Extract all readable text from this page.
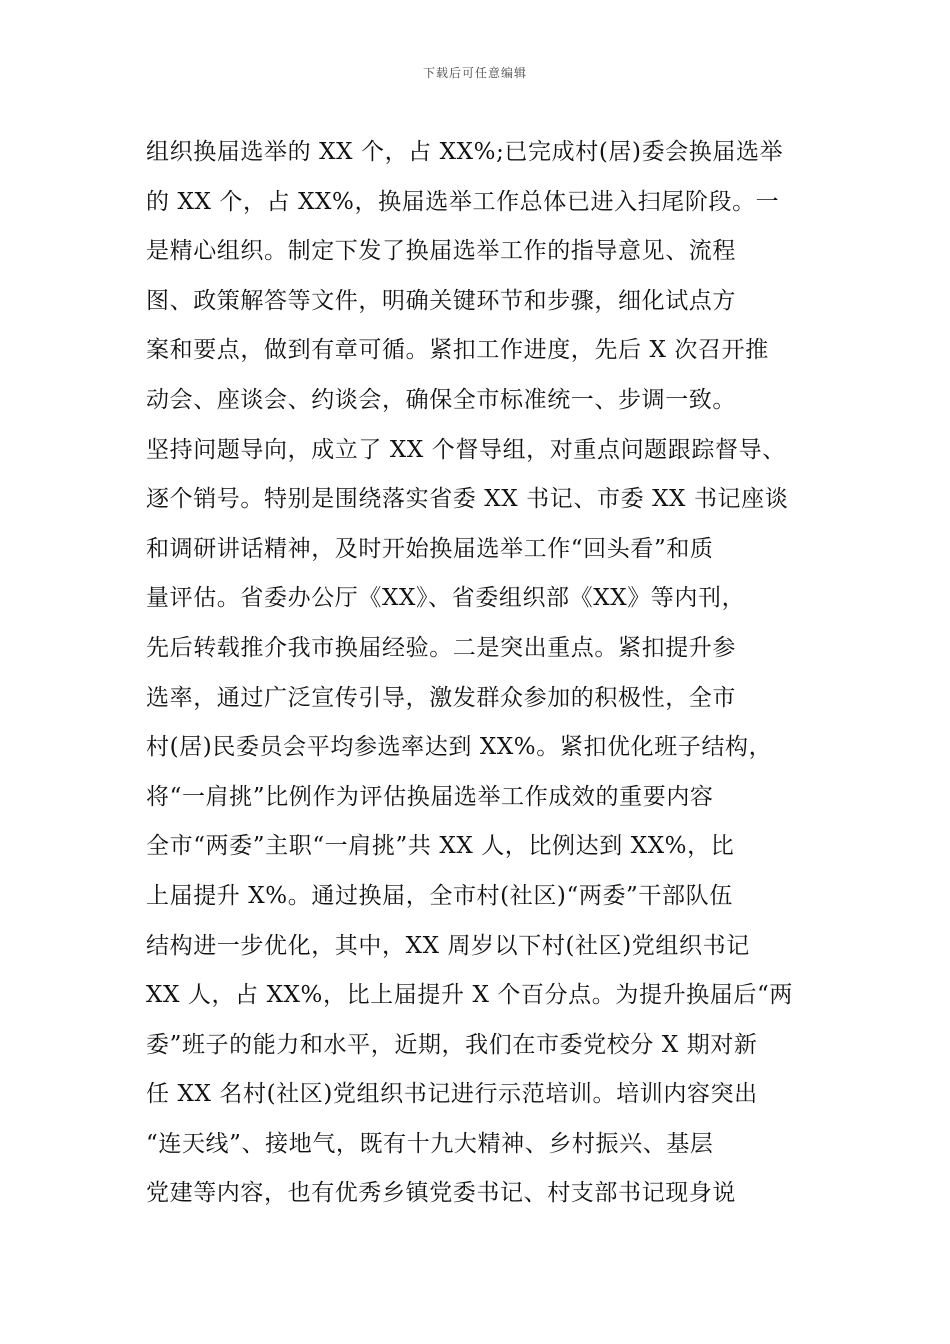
下载后可任意编辑
组织换届选举的 XX 个，占 XX%;已完成村(居)委会换届选举
的 XX 个，占 XX%，换届选举工作总体已进入扫尾阶段。一
是精心组织。制定下发了换届选举工作的指导意见、流程
图、政策解答等文件，明确关键环节和步骤，细化试点方
案和要点，做到有章可循。紧扣工作进度，先后 X 次召开推
动会、座谈会、约谈会，确保全市标准统一、步调一致。
坚持问题导向，成立了 XX 个督导组，对重点问题跟踪督导、
逐个销号。特别是围绕落实省委 XX 书记、市委 XX 书记座谈
和调研讲话精神，及时开始换届选举工作“回头看”和质
量评估。省委办公厅《XX》、省委组织部《XX》等内刊，
先后转载推介我市换届经验。二是突出重点。紧扣提升参
选率，通过广泛宣传引导，激发群众参加的积极性，全市
村(居)民委员会平均参选率达到 XX%。紧扣优化班子结构，
将“一肩挑”比例作为评估换届选举工作成效的重要内容
全市“两委”主职“一肩挑”共 XX 人，比例达到 XX%，比
上届提升 X%。通过换届，全市村(社区)“两委”干部队伍
结构进一步优化，其中，XX 周岁以下村(社区)党组织书记
XX 人，占 XX%，比上届提升 X 个百分点。为提升换届后“两
委”班子的能力和水平，近期，我们在市委党校分 X 期对新
任 XX 名村(社区)党组织书记进行示范培训。培训内容突出
“连天线”、接地气，既有十九大精神、乡村振兴、基层
党建等内容，也有优秀乡镇党委书记、村支部书记现身说
